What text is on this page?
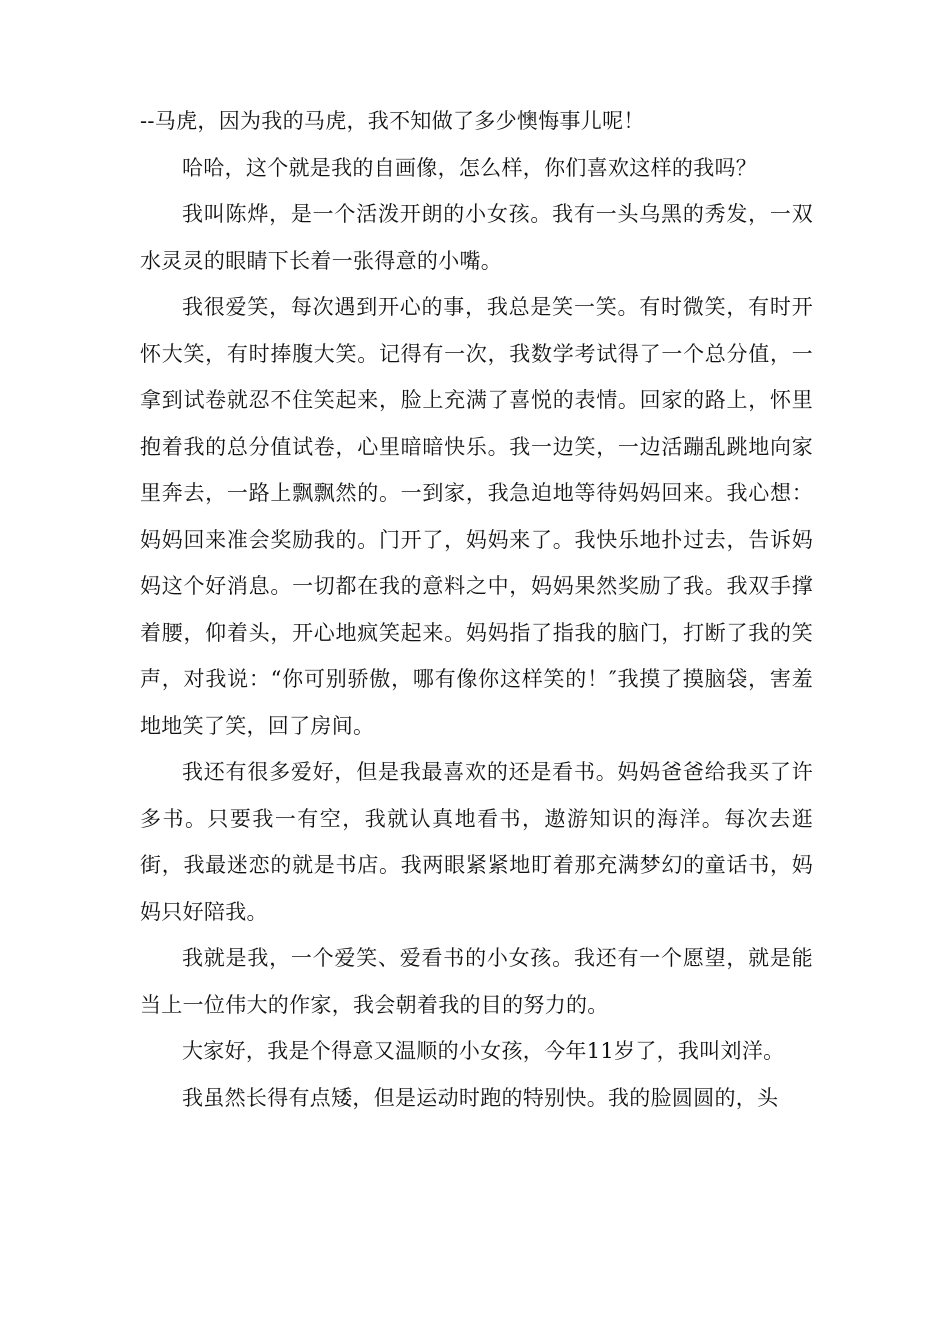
--马虎，因为我的马虎，我不知做了多少懊悔事儿呢！

哈哈，这个就是我的自画像，怎么样，你们喜欢这样的我吗？

我叫陈烨，是一个活泼开朗的小女孩。我有一头乌黑的秀发，一双水灵灵的眼睛下长着一张得意的小嘴。

我很爱笑，每次遇到开心的事，我总是笑一笑。有时微笑，有时开怀大笑，有时捧腹大笑。记得有一次，我数学考试得了一个总分值，一拿到试卷就忍不住笑起来，脸上充满了喜悦的表情。回家的路上，怀里抱着我的总分值试卷，心里暗暗快乐。我一边笑，一边活蹦乱跳地向家里奔去，一路上飘飘然的。一到家，我急迫地等待妈妈回来。我心想：妈妈回来准会奖励我的。门开了，妈妈来了。我快乐地扑过去，告诉妈妈这个好消息。一切都在我的意料之中，妈妈果然奖励了我。我双手撑着腰，仰着头，开心地疯笑起来。妈妈指了指我的脑门，打断了我的笑声，对我说：“你可别骄傲，哪有像你这样笑的！″我摸了摸脑袋，害羞地地笑了笑，回了房间。

我还有很多爱好，但是我最喜欢的还是看书。妈妈爸爸给我买了许多书。只要我一有空，我就认真地看书，遨游知识的海洋。每次去逛街，我最迷恋的就是书店。我两眼紧紧地盯着那充满梦幻的童话书，妈妈只好陪我。

我就是我，一个爱笑、爱看书的小女孩。我还有一个愿望，就是能当上一位伟大的作家，我会朝着我的目的努力的。

大家好，我是个得意又温顺的小女孩，今年11岁了，我叫刘洋。

我虽然长得有点矮，但是运动时跑的特别快。我的脸圆圆的，头
